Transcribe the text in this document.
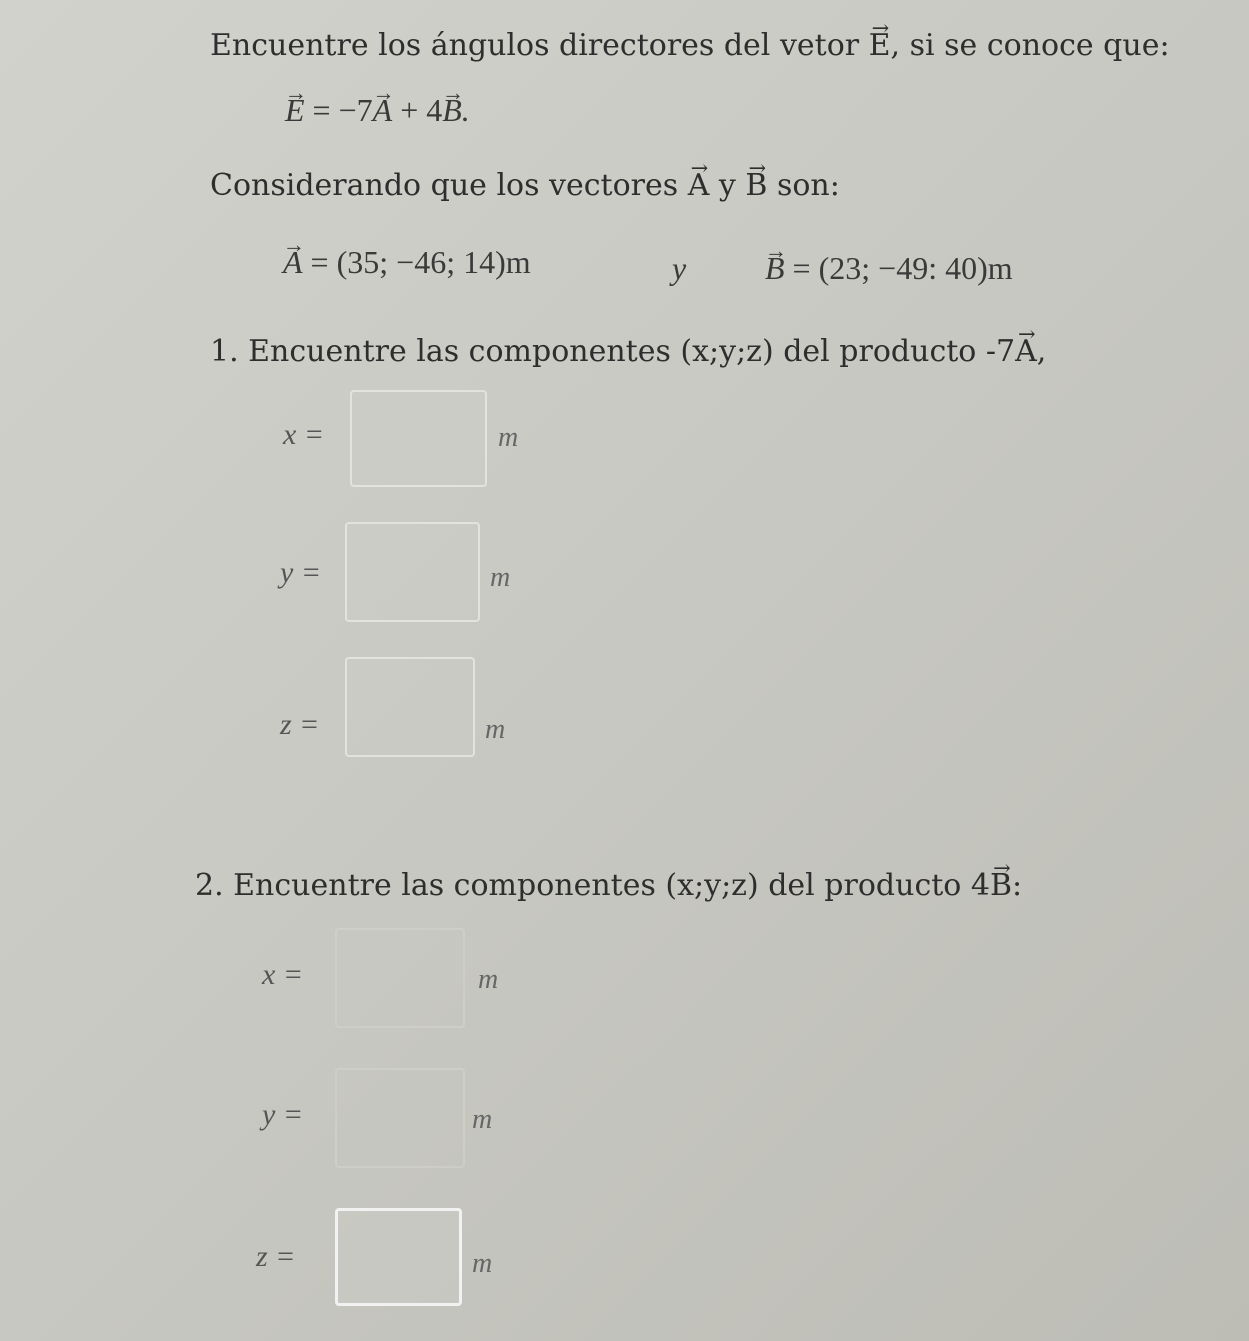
Encuentre los ángulos directores del vetor → E, si se conoce que:
→ E = −7→ A + 4→ B.
Considerando que los vectores → A y → B son:
→ A = (35; −46; 14)m	y → B = (23; −49: 40)m
1. Encuentre las componentes (x;y;z) del producto -7→ A,
x =	m
y =	m
z =	m
2. Encuentre las componentes (x;y;z) del producto 4→ B:
x =	m
y =	m
z =	m
